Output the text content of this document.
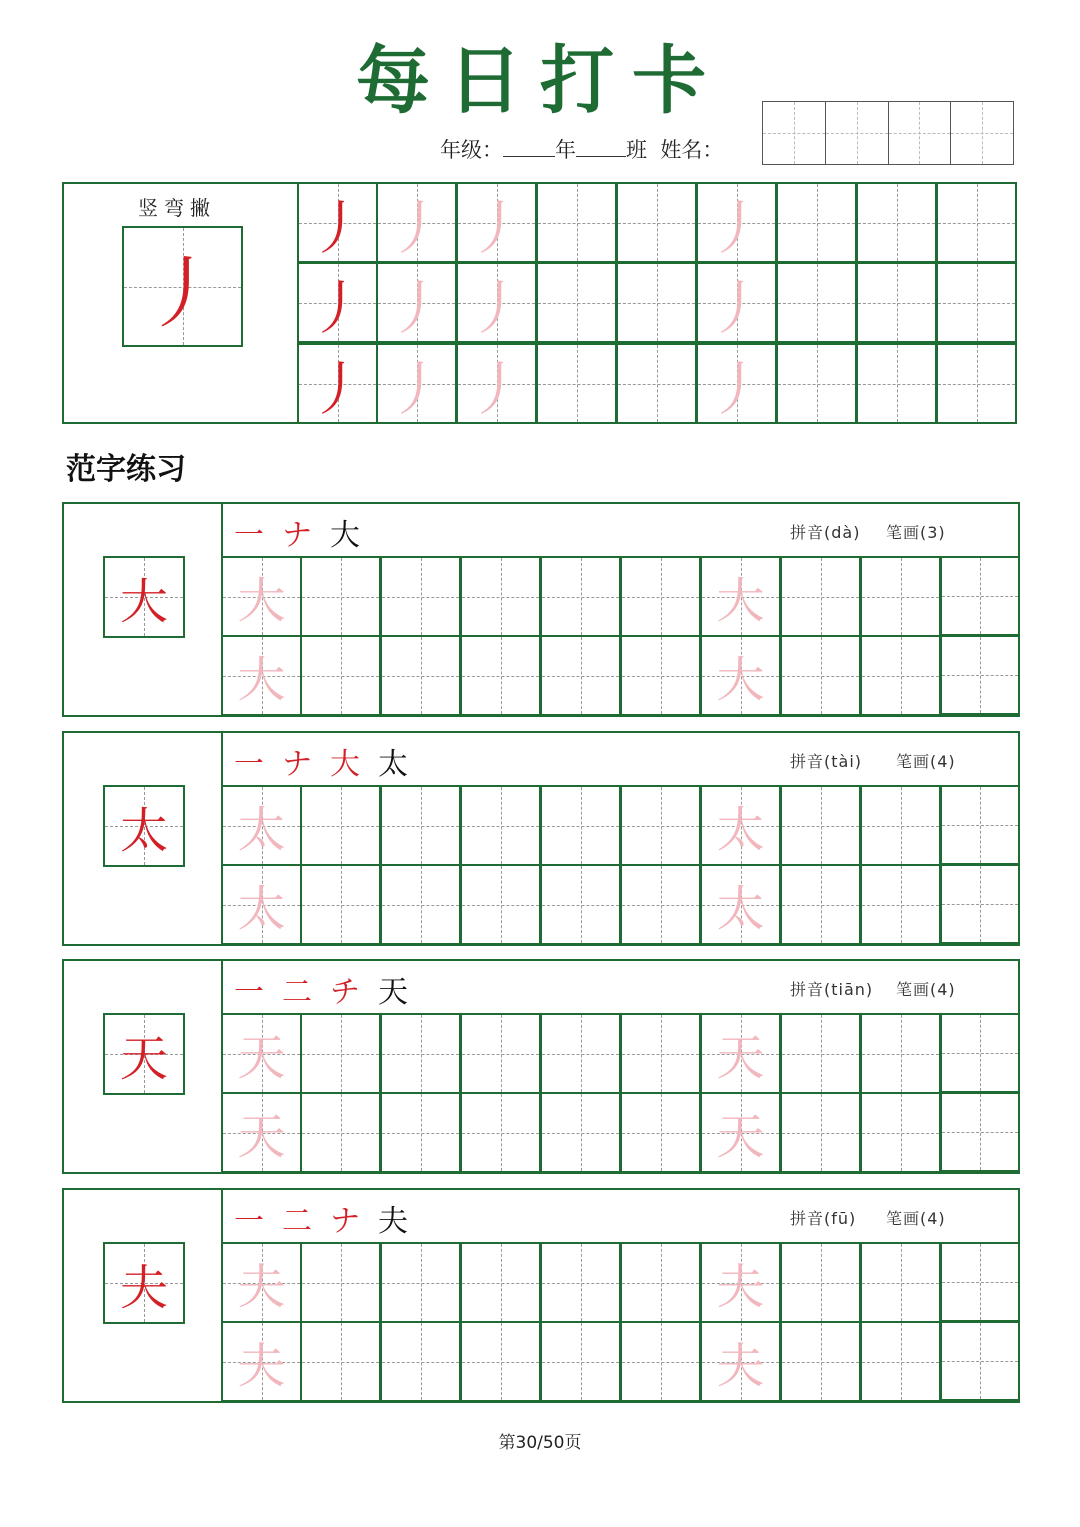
每日打卡
年级： 年 班 姓名：
竖弯撇
丿
丿 丿 丿	丿
丿 丿 丿	丿
丿 丿 丿	丿
范字练习
大
一 ナ 大	拼音(dà) 笔画(3)
大	大
大	大
太
一 ナ 大 太	拼音(tài) 笔画(4)
太	太
太	太
天
一 二 チ 天	拼音(tiān) 笔画(4)
天	天
天	天
夫
一 二 ナ 夫	拼音(fū) 笔画(4)
夫	夫
夫	夫
第30/50页
